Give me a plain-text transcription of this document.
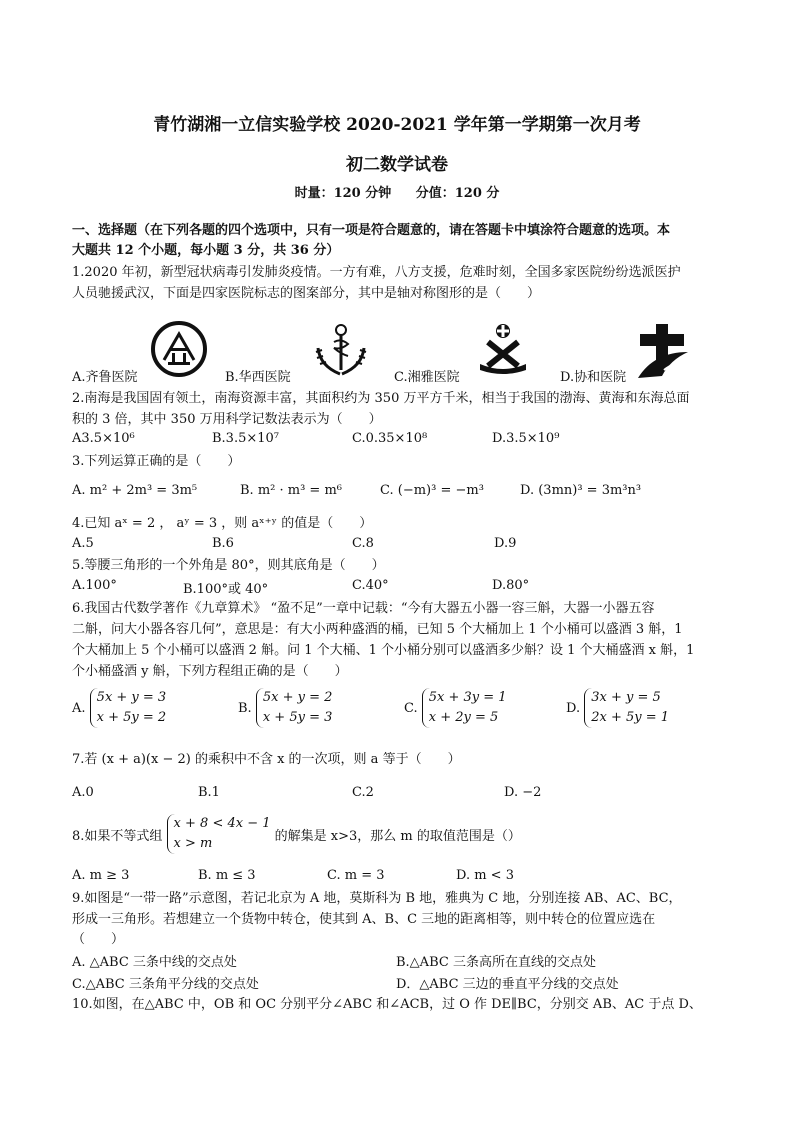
青竹湖湘一立信实验学校 2020-2021 学年第一学期第一次月考
初二数学试卷
时量：120 分钟 分值：120 分
一、选择题（在下列各题的四个选项中，只有一项是符合题意的，请在答题卡中填涂符合题意的选项。本
大题共 12 个小题，每小题 3 分，共 36 分）
1.2020 年初，新型冠状病毒引发肺炎疫情。一方有难，八方支援，危难时刻，全国多家医院纷纷选派医护
人员驰援武汉，下面是四家医院标志的图案部分，其中是轴对称图形的是（　　）
A.齐鲁医院	B.华西医院	C.湘雅医院	D.协和医院
2.南海是我国固有领土，南海资源丰富，其面积约为 350 万平方千米，相当于我国的渤海、黄海和东海总面
积的 3 倍，其中 350 万用科学记数法表示为（　　）
A3.5×10⁶	B.3.5×10⁷	C.0.35×10⁸	D.3.5×10⁹
3.下列运算正确的是（　　）
A. m² + 2m³ = 3m⁵	B. m² · m³ = m⁶	C. (−m)³ = −m³	D. (3mn)³ = 3m³n³
4.已知 aˣ = 2 ， aʸ = 3 ，则 aˣ⁺ʸ 的值是（　　）
A.5	B.6	C.8	D.9
5.等腰三角形的一个外角是 80°，则其底角是（　　）
A.100°	B.100°或 40°	C.40°	D.80°
6.我国古代数学著作《九章算术》 “盈不足”一章中记载：“今有大器五小器一容三斛，大器一小器五容
二斛，问大小器各容几何”，意思是：有大小两种盛酒的桶，已知 5 个大桶加上 1 个小桶可以盛酒 3 斛，1
个大桶加上 5 个小桶可以盛酒 2 斛。问 1 个大桶、1 个小桶分别可以盛酒多少斛？设 1 个大桶盛酒 x 斛，1
个小桶盛酒 y 斛，下列方程组正确的是（　　）
A. 5x + y = 3
x + 5y = 2
B. 5x + y = 2
x + 5y = 3
C. 5x + 3y = 1
x + 2y = 5
D. 3x + y = 5
2x + 5y = 1
7.若 (x + a)(x − 2) 的乘积中不含 x 的一次项，则 a 等于（　　）
A.0	B.1	C.2	D. −2
8.如果不等式组 x + 8 < 4x − 1
x > m	的解集是 x>3，那么 m 的取值范围是（）
A. m ≥ 3	B. m ≤ 3	C. m = 3	D. m < 3
9.如图是“一带一路”示意图，若记北京为 A 地，莫斯科为 B 地，雅典为 C 地，分别连接 AB、AC、BC，
形成一三角形。若想建立一个货物中转仓，使其到 A、B、C 三地的距离相等，则中转仓的位置应选在
（　　）
A. △ABC 三条中线的交点处	B.△ABC 三条高所在直线的交点处
C.△ABC 三条角平分线的交点处	D．△ABC 三边的垂直平分线的交点处
10.如图，在△ABC 中，OB 和 OC 分别平分∠ABC 和∠ACB，过 O 作 DE∥BC，分别交 AB、AC 于点 D、
